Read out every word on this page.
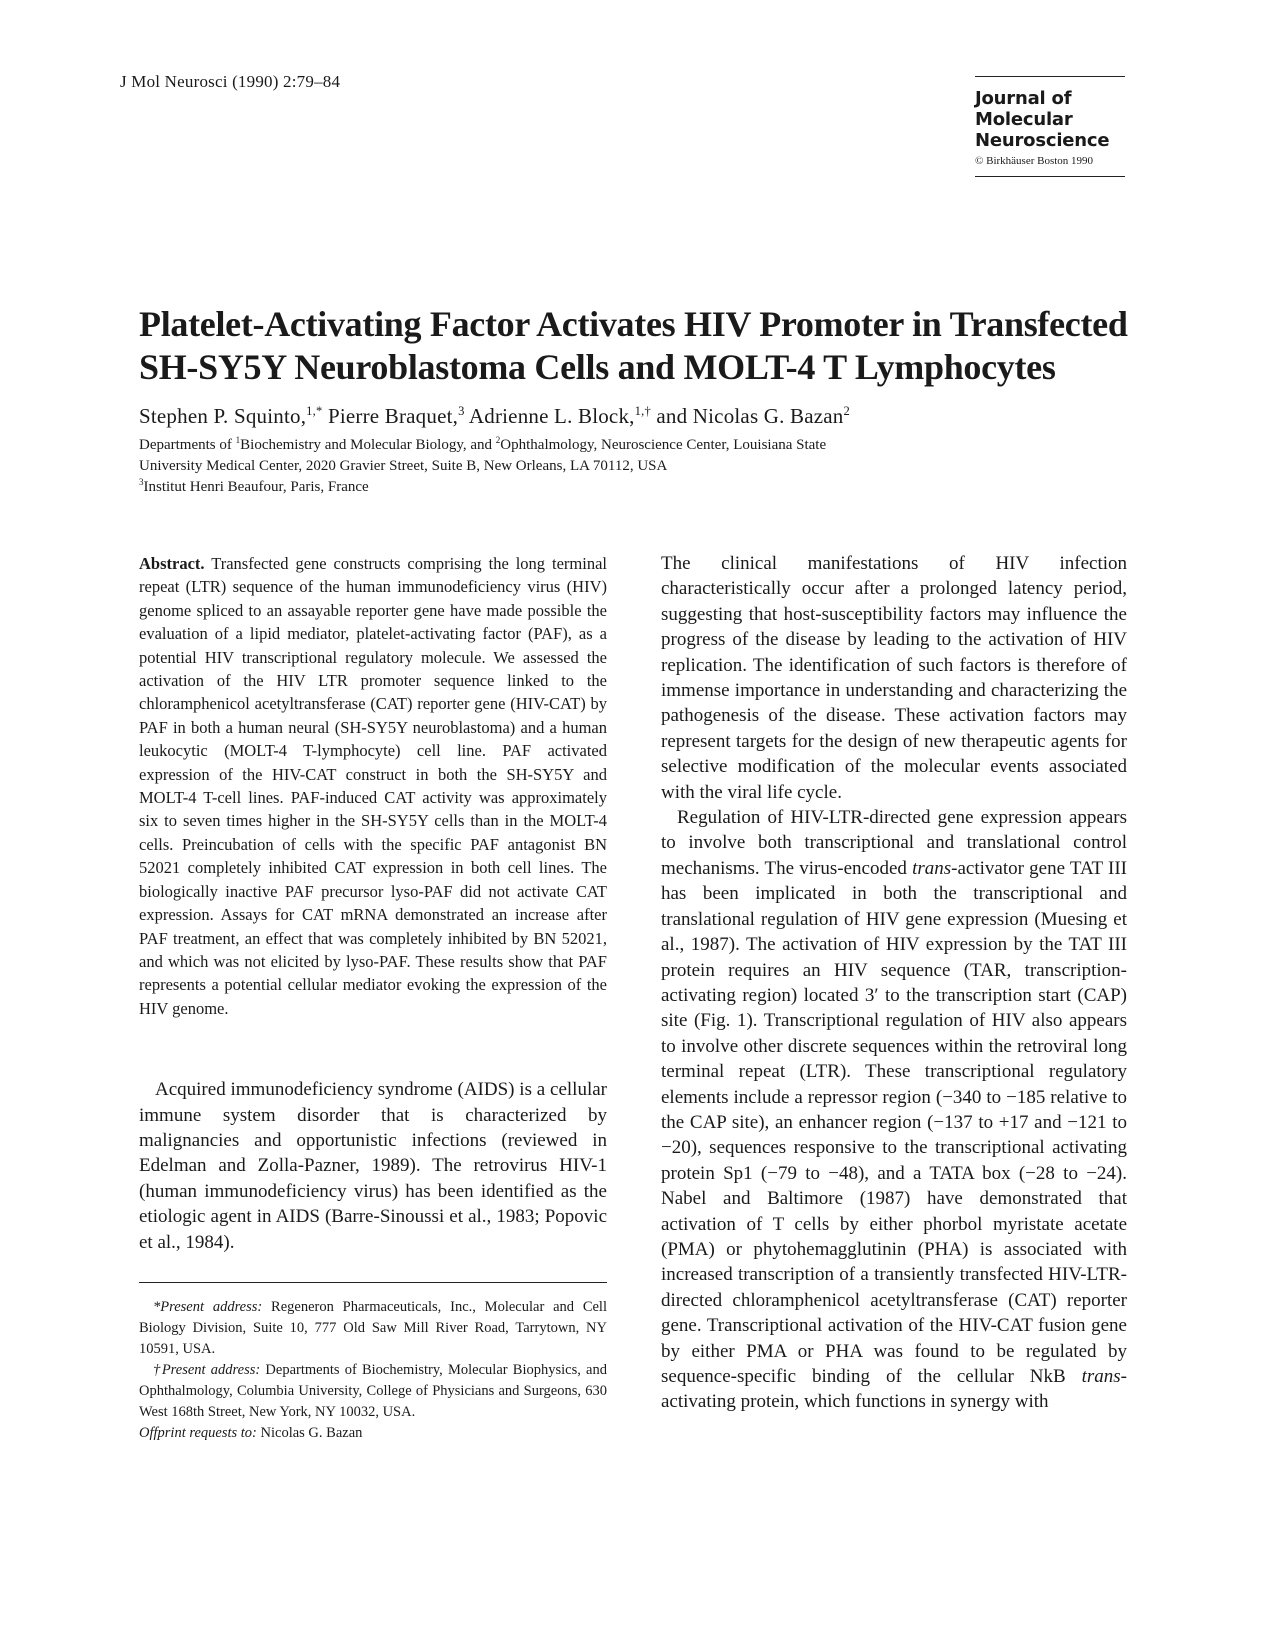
J Mol Neurosci (1990) 2:79–84
Journal of
Molecular
Neuroscience
© Birkhäuser Boston 1990
Platelet-Activating Factor Activates HIV Promoter in Transfected
SH-SY5Y Neuroblastoma Cells and MOLT-4 T Lymphocytes
Stephen P. Squinto,$^{1,*}$ Pierre Braquet,$^3$ Adrienne L. Block,$^{1,\dagger}$ and Nicolas G. Bazan$^2$
Departments of $^1$Biochemistry and Molecular Biology, and $^2$Ophthalmology, Neuroscience Center, Louisiana State
University Medical Center, 2020 Gravier Street, Suite B, New Orleans, LA 70112, USA
$^3$Institut Henri Beaufour, Paris, France

Abstract. Transfected gene constructs comprising the long terminal repeat (LTR) sequence of the human immunodeficiency virus (HIV) genome spliced to an assayable reporter gene have made possible the evaluation of a lipid mediator, platelet-activating factor (PAF), as a potential HIV transcriptional regulatory molecule. We assessed the activation of the HIV LTR promoter sequence linked to the chloramphenicol acetyltransferase (CAT) reporter gene (HIV-CAT) by PAF in both a human neural (SH-SY5Y neuroblastoma) and a human leukocytic (MOLT-4 T-lymphocyte) cell line. PAF activated expression of the HIV-CAT construct in both the SH-SY5Y and MOLT-4 T-cell lines. PAF-induced CAT activity was approximately six to seven times higher in the SH-SY5Y cells than in the MOLT-4 cells. Preincubation of cells with the specific PAF antagonist BN 52021 completely inhibited CAT expression in both cell lines. The biologically inactive PAF precursor lyso-PAF did not activate CAT expression. Assays for CAT mRNA demonstrated an increase after PAF treatment, an effect that was completely inhibited by BN 52021, and which was not elicited by lyso-PAF. These results show that PAF represents a potential cellular mediator evoking the expression of the HIV genome.

Acquired immunodeficiency syndrome (AIDS) is a cellular immune system disorder that is characterized by malignancies and opportunistic infections (reviewed in Edelman and Zolla-Pazner, 1989). The retrovirus HIV-1 (human immunodeficiency virus) has been identified as the etiologic agent in AIDS (Barre-Sinoussi et al., 1983; Popovic et al., 1984).

*Present address: Regeneron Pharmaceuticals, Inc., Molecular and Cell Biology Division, Suite 10, 777 Old Saw Mill River Road, Tarrytown, NY 10591, USA.

†Present address: Departments of Biochemistry, Molecular Biophysics, and Ophthalmology, Columbia University, College of Physicians and Surgeons, 630 West 168th Street, New York, NY 10032, USA.

Offprint requests to: Nicolas G. Bazan

The clinical manifestations of HIV infection characteristically occur after a prolonged latency period, suggesting that host-susceptibility factors may influence the progress of the disease by leading to the activation of HIV replication. The identification of such factors is therefore of immense importance in understanding and characterizing the pathogenesis of the disease. These activation factors may represent targets for the design of new therapeutic agents for selective modification of the molecular events associated with the viral life cycle.

Regulation of HIV-LTR-directed gene expression appears to involve both transcriptional and translational control mechanisms. The virus-encoded trans-activator gene TAT III has been implicated in both the transcriptional and translational regulation of HIV gene expression (Muesing et al., 1987). The activation of HIV expression by the TAT III protein requires an HIV sequence (TAR, transcription-activating region) located 3′ to the transcription start (CAP) site (Fig. 1). Transcriptional regulation of HIV also appears to involve other discrete sequences within the retroviral long terminal repeat (LTR). These transcriptional regulatory elements include a repressor region (−340 to −185 relative to the CAP site), an enhancer region (−137 to +17 and −121 to −20), sequences responsive to the transcriptional activating protein Sp1 (−79 to −48), and a TATA box (−28 to −24). Nabel and Baltimore (1987) have demonstrated that activation of T cells by either phorbol myristate acetate (PMA) or phytohemagglutinin (PHA) is associated with increased transcription of a transiently transfected HIV-LTR-directed chloramphenicol acetyltransferase (CAT) reporter gene. Transcriptional activation of the HIV-CAT fusion gene by either PMA or PHA was found to be regulated by sequence-specific binding of the cellular NkB trans-activating protein, which functions in synergy with
